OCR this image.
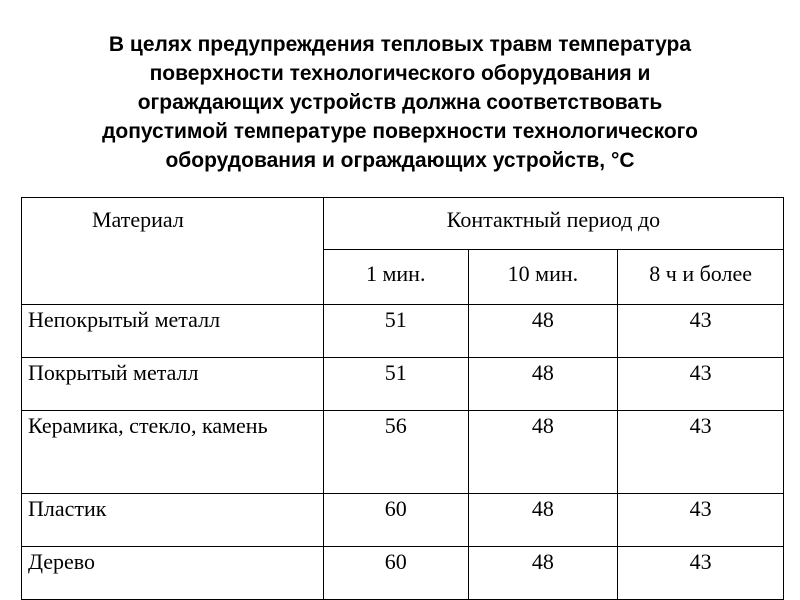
В целях предупреждения тепловых травм температура
поверхности технологического оборудования и
ограждающих устройств должна соответствовать
допустимой температуре поверхности технологического
оборудования и ограждающих устройств, °С
Материал	Контактный период до		
	1 мин.	10 мин.	8 ч и более
Непокрытый металл	51	48	43
Покрытый металл	51	48	43
Керамика, стекло, камень	56	48	43
Пластик	60	48	43
Дерево	60	48	43
